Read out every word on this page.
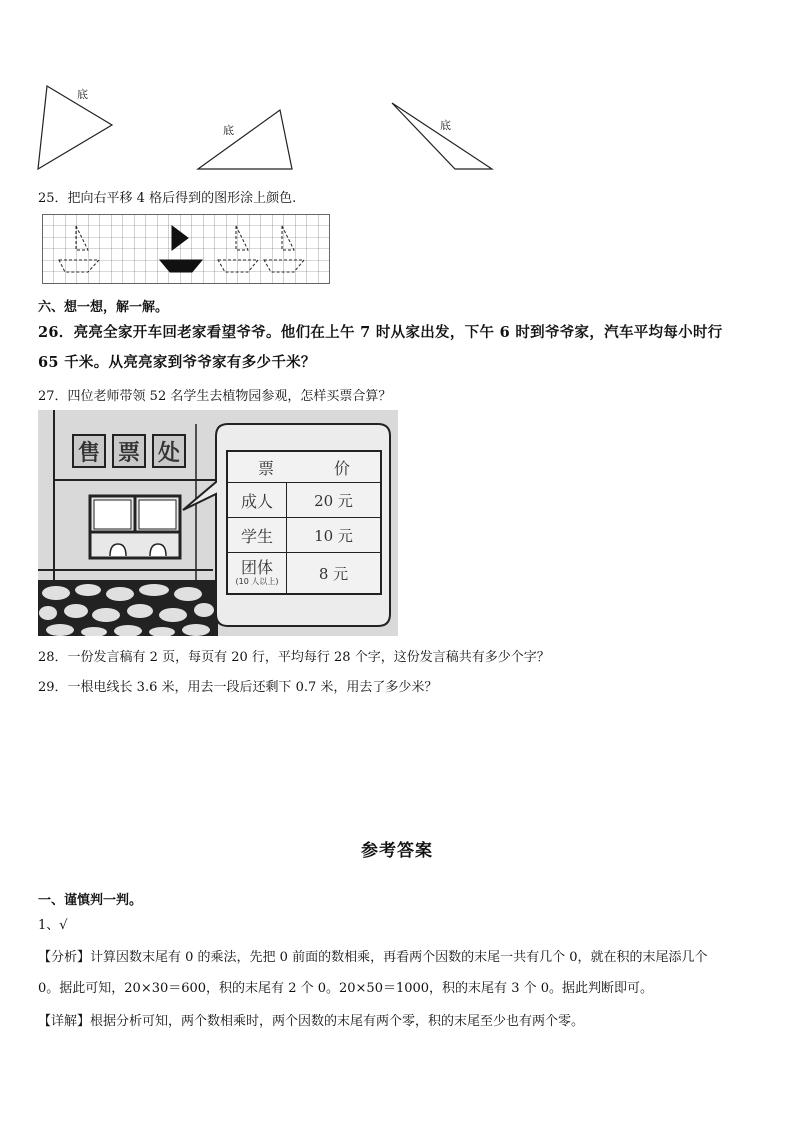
底
底	底
25．把向右平移 4 格后得到的图形涂上颜色.
六、想一想，解一解。
26．亮亮全家开车回老家看望爷爷。他们在上午 7 时从家出发，下午 6 时到爷爷家，汽车平均每小时行
65 千米。从亮亮家到爷爷家有多少千米？
27．四位老师带领 52 名学生去植物园参观，怎样买票合算？
售 票 处
票	价
成人	20 元
学生	10 元
团体
(10 人以上)	8 元
28．一份发言稿有 2 页，每页有 20 行，平均每行 28 个字，这份发言稿共有多少个字？
29．一根电线长 3.6 米，用去一段后还剩下 0.7 米，用去了多少米？
参考答案
一、谨慎判一判。
1、√
【分析】计算因数末尾有 0 的乘法，先把 0 前面的数相乘，再看两个因数的末尾一共有几个 0，就在积的末尾添几个
0。据此可知，20×30＝600，积的末尾有 2 个 0。20×50＝1000，积的末尾有 3 个 0。据此判断即可。
【详解】根据分析可知，两个数相乘时，两个因数的末尾有两个零，积的末尾至少也有两个零。
